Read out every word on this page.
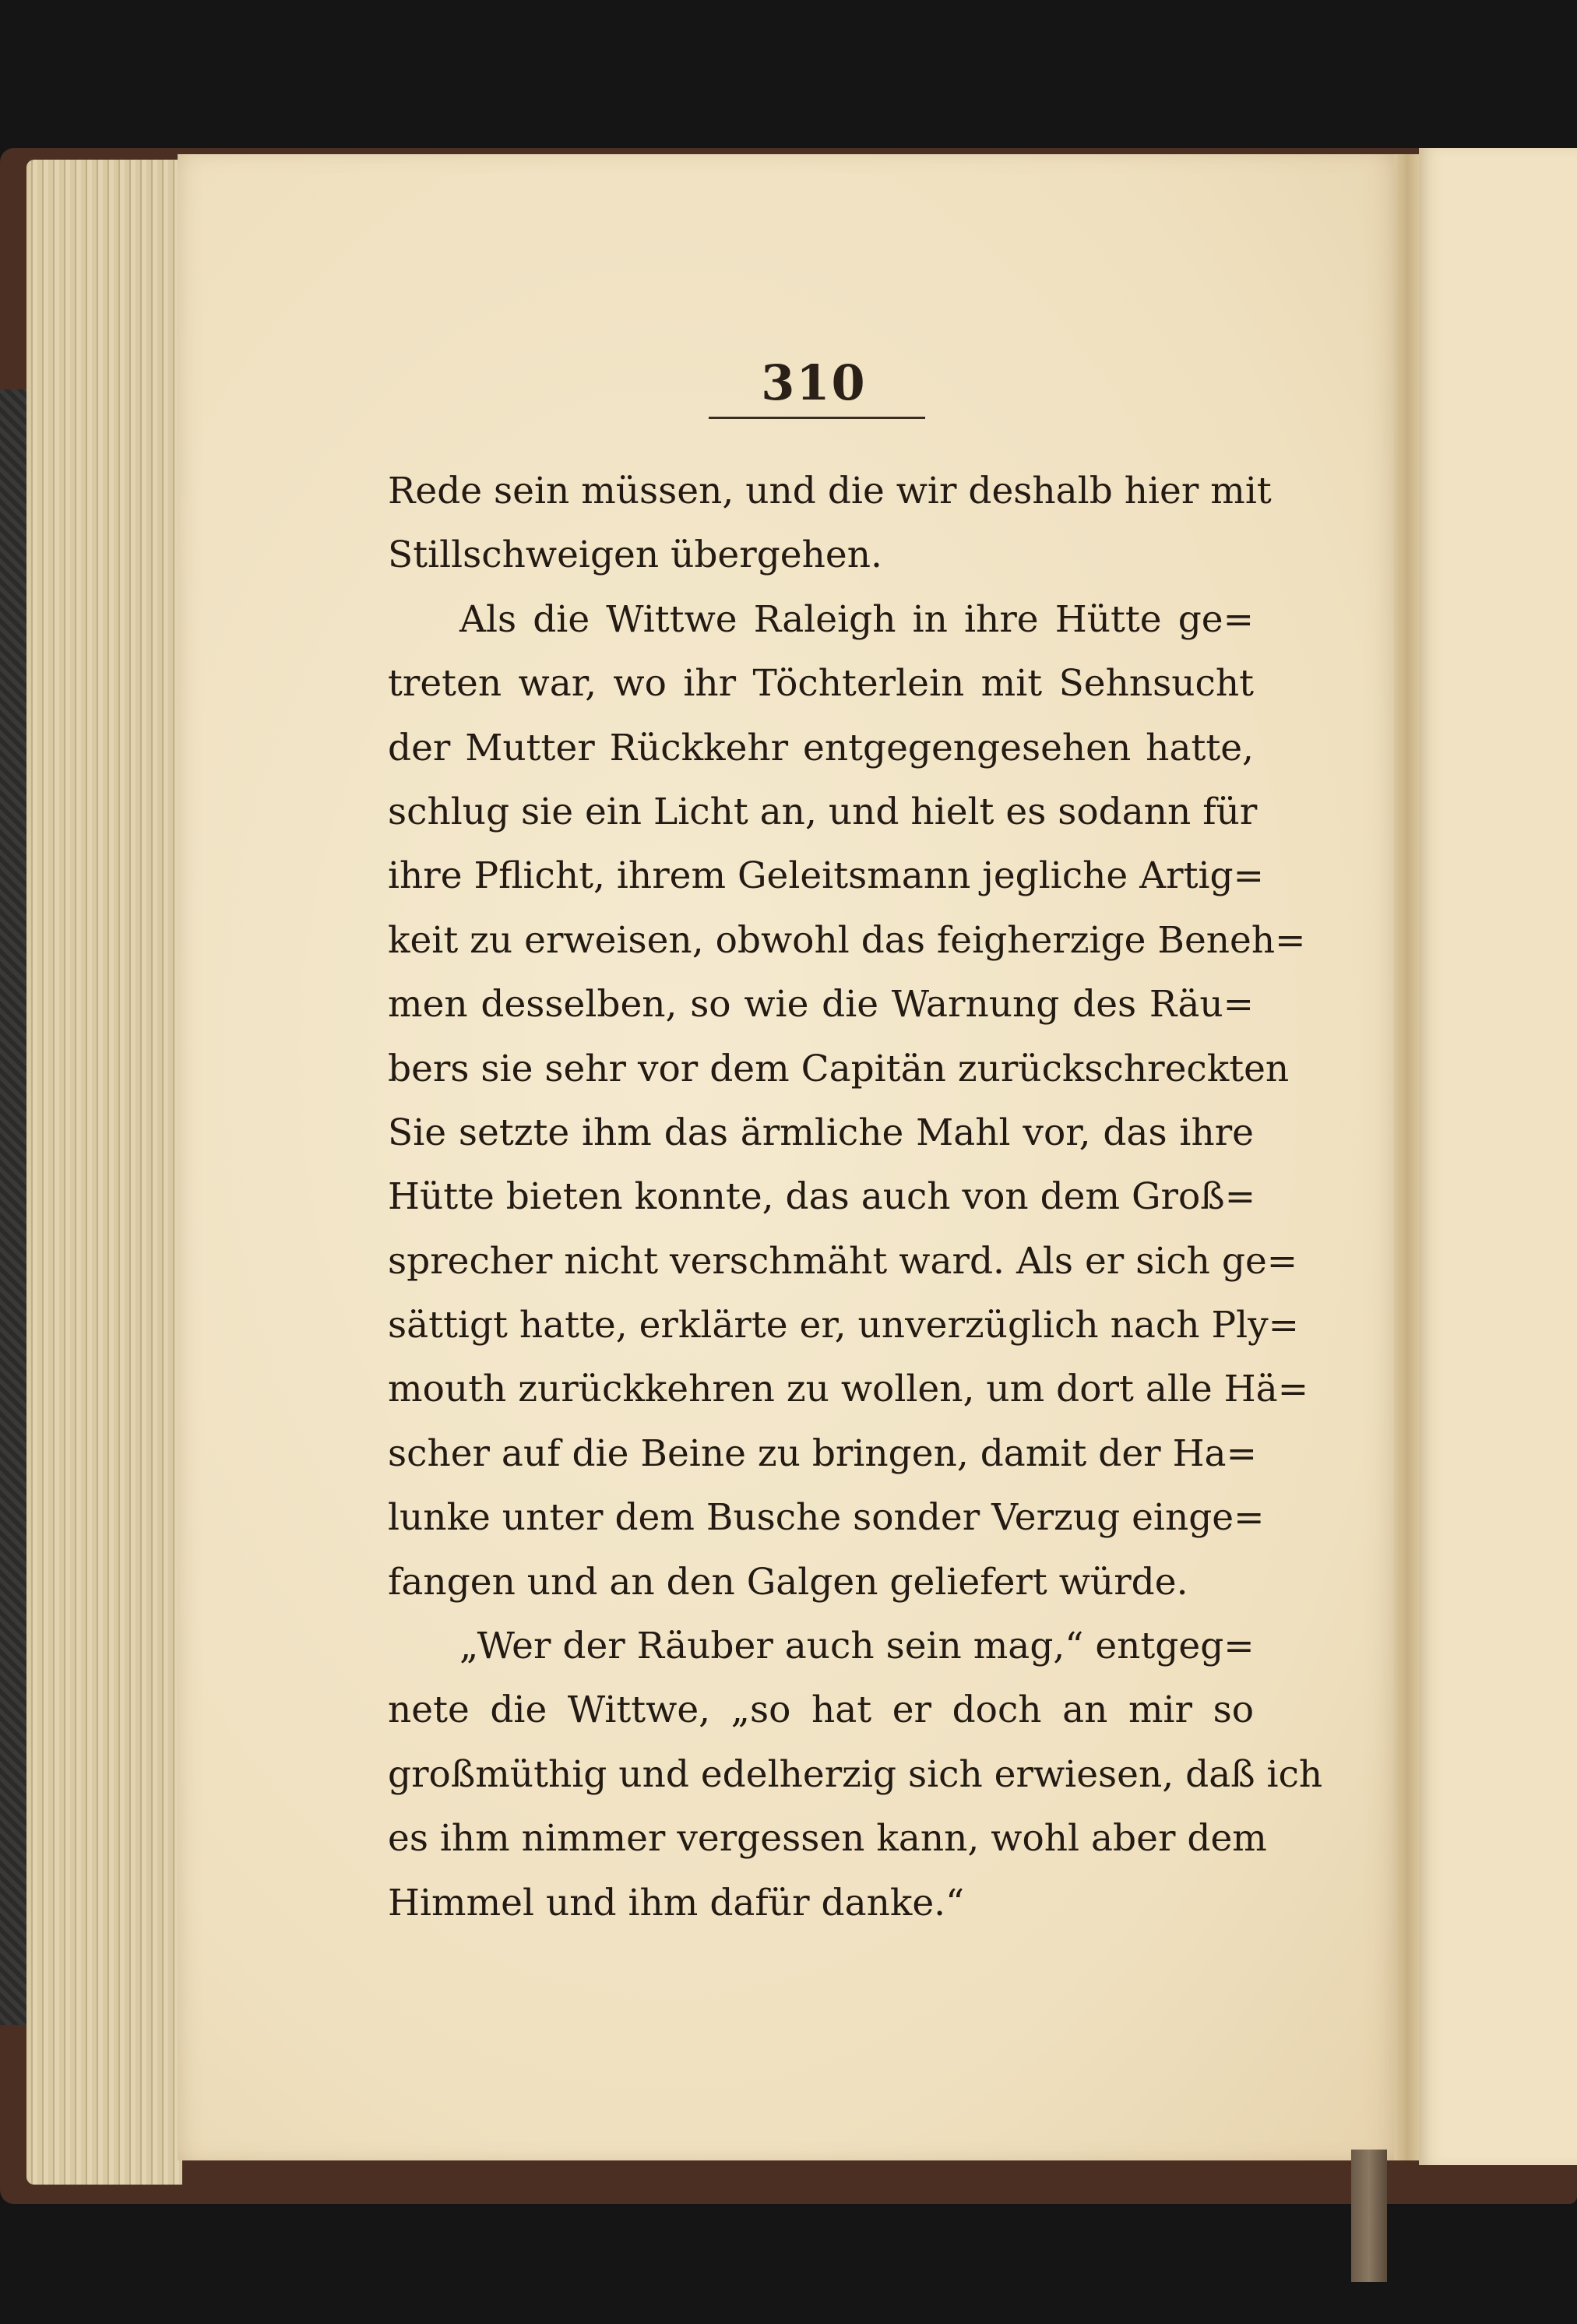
310
Rede sein müssen, und die wir deshalb hier mit
Stillschweigen übergehen.
Als die Wittwe Raleigh in ihre Hütte ge=
treten war, wo ihr Töchterlein mit Sehnsucht
der Mutter Rückkehr entgegengesehen hatte,
schlug sie ein Licht an, und hielt es sodann für
ihre Pflicht, ihrem Geleitsmann jegliche Artig=
keit zu erweisen, obwohl das feigherzige Beneh=
men desselben, so wie die Warnung des Räu=
bers sie sehr vor dem Capitän zurückschreckten
Sie setzte ihm das ärmliche Mahl vor, das ihre
Hütte bieten konnte, das auch von dem Groß=
sprecher nicht verschmäht ward. Als er sich ge=
sättigt hatte, erklärte er, unverzüglich nach Ply=
mouth zurückkehren zu wollen, um dort alle Hä=
scher auf die Beine zu bringen, damit der Ha=
lunke unter dem Busche sonder Verzug einge=
fangen und an den Galgen geliefert würde.
„Wer der Räuber auch sein mag,“ entgeg=
nete die Wittwe, „so hat er doch an mir so
großmüthig und edelherzig sich erwiesen, daß ich
es ihm nimmer vergessen kann, wohl aber dem
Himmel und ihm dafür danke.“
